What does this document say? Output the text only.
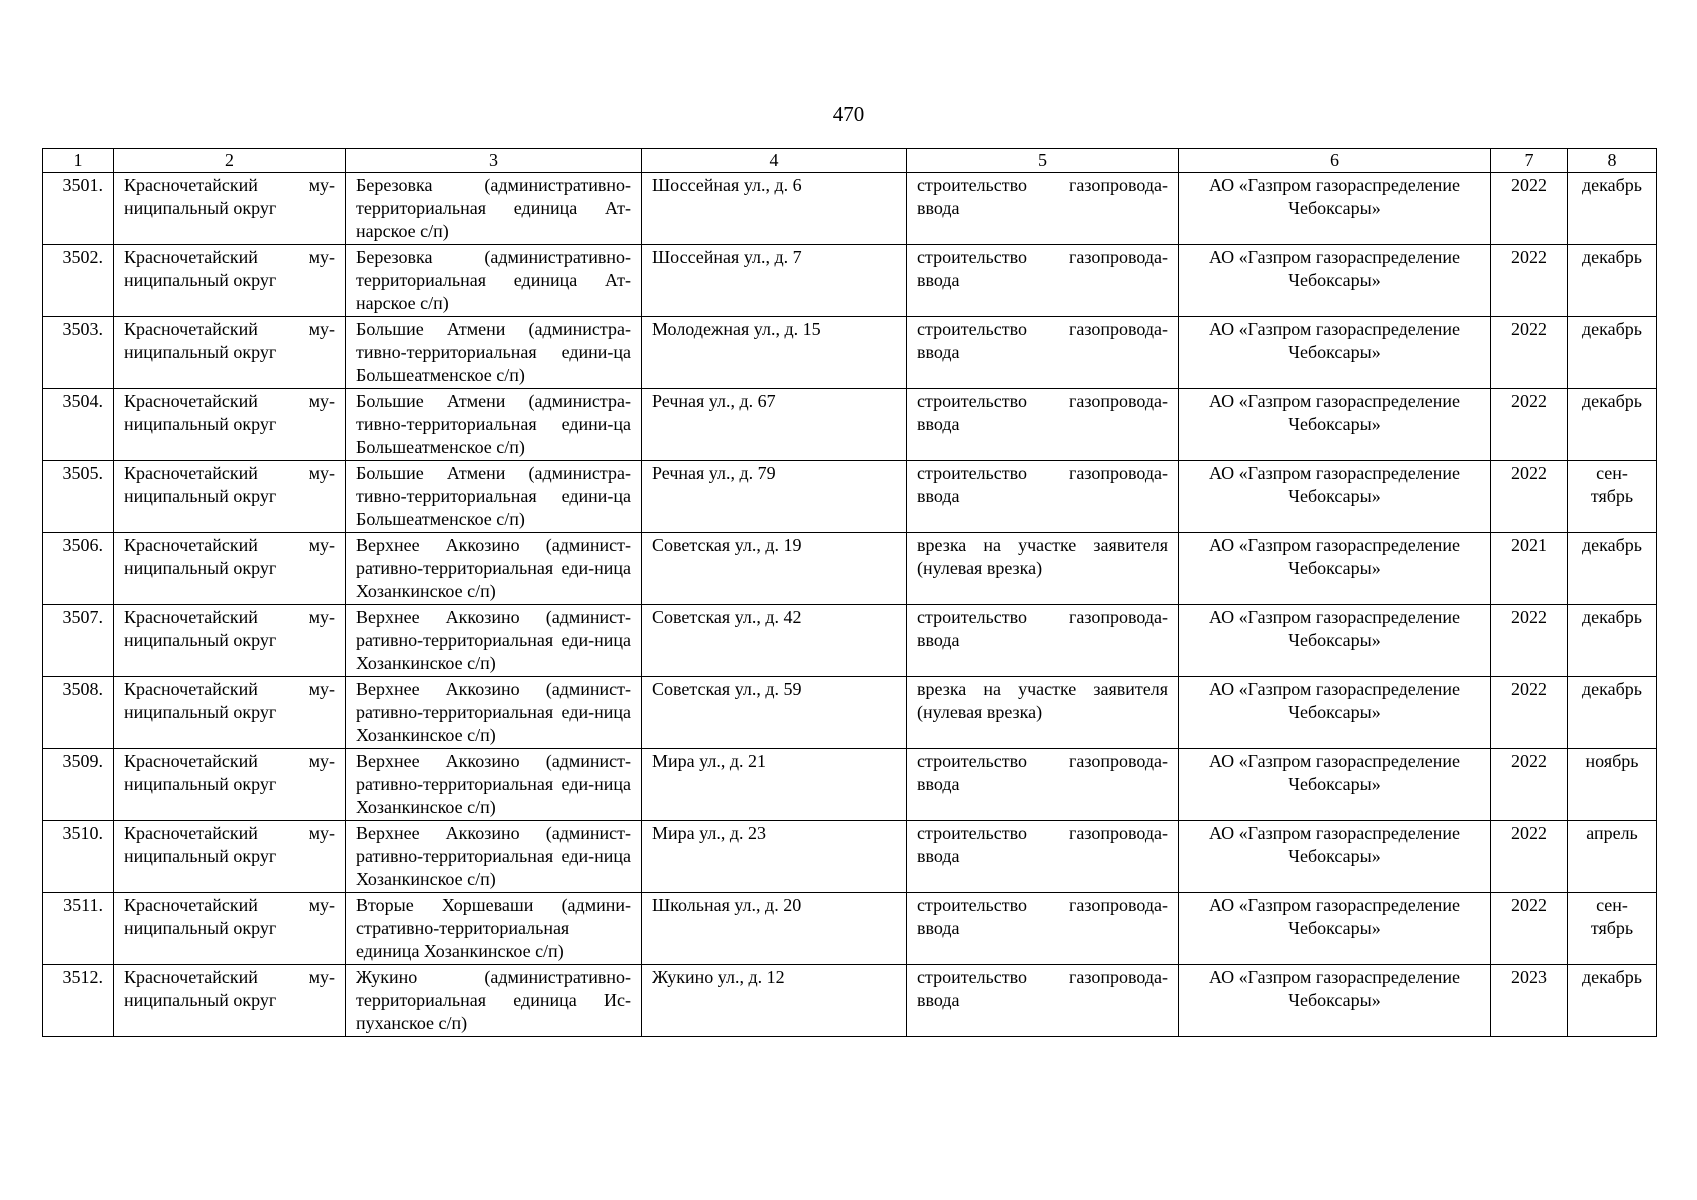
470
1	2	3	4	5	6	7	8
3501.	Красночетайский му-ниципальный округ	Березовка (административно-территориальная единица Ат-нарское с/п)	Шоссейная ул., д. 6	строительство газопровода-ввода	АО «Газпром газораспределение Чебоксары»	2022	декабрь
3502.	Красночетайский му-ниципальный округ	Березовка (административно-территориальная единица Ат-нарское с/п)	Шоссейная ул., д. 7	строительство газопровода-ввода	АО «Газпром газораспределение Чебоксары»	2022	декабрь
3503.	Красночетайский му-ниципальный округ	Большие Атмени (администра-тивно-территориальная едини-ца Большеатменское с/п)	Молодежная ул., д. 15	строительство газопровода-ввода	АО «Газпром газораспределение Чебоксары»	2022	декабрь
3504.	Красночетайский му-ниципальный округ	Большие Атмени (администра-тивно-территориальная едини-ца Большеатменское с/п)	Речная ул., д. 67	строительство газопровода-ввода	АО «Газпром газораспределение Чебоксары»	2022	декабрь
3505.	Красночетайский му-ниципальный округ	Большие Атмени (администра-тивно-территориальная едини-ца Большеатменское с/п)	Речная ул., д. 79	строительство газопровода-ввода	АО «Газпром газораспределение Чебоксары»	2022	сен-тябрь
3506.	Красночетайский му-ниципальный округ	Верхнее Аккозино (админист-ративно-территориальная еди-ница Хозанкинское с/п)	Советская ул., д. 19	врезка на участке заявителя (нулевая врезка)	АО «Газпром газораспределение Чебоксары»	2021	декабрь
3507.	Красночетайский му-ниципальный округ	Верхнее Аккозино (админист-ративно-территориальная еди-ница Хозанкинское с/п)	Советская ул., д. 42	строительство газопровода-ввода	АО «Газпром газораспределение Чебоксары»	2022	декабрь
3508.	Красночетайский му-ниципальный округ	Верхнее Аккозино (админист-ративно-территориальная еди-ница Хозанкинское с/п)	Советская ул., д. 59	врезка на участке заявителя (нулевая врезка)	АО «Газпром газораспределение Чебоксары»	2022	декабрь
3509.	Красночетайский му-ниципальный округ	Верхнее Аккозино (админист-ративно-территориальная еди-ница Хозанкинское с/п)	Мира ул., д. 21	строительство газопровода-ввода	АО «Газпром газораспределение Чебоксары»	2022	ноябрь
3510.	Красночетайский му-ниципальный округ	Верхнее Аккозино (админист-ративно-территориальная еди-ница Хозанкинское с/п)	Мира ул., д. 23	строительство газопровода-ввода	АО «Газпром газораспределение Чебоксары»	2022	апрель
3511.	Красночетайский му-ниципальный округ	Вторые Хоршеваши (админи-стративно-территориальная единица Хозанкинское с/п)	Школьная ул., д. 20	строительство газопровода-ввода	АО «Газпром газораспределение Чебоксары»	2022	сен-тябрь
3512.	Красночетайский му-ниципальный округ	Жукино (административно-территориальная единица Ис-пуханское с/п)	Жукино ул., д. 12	строительство газопровода-ввода	АО «Газпром газораспределение Чебоксары»	2023	декабрь
